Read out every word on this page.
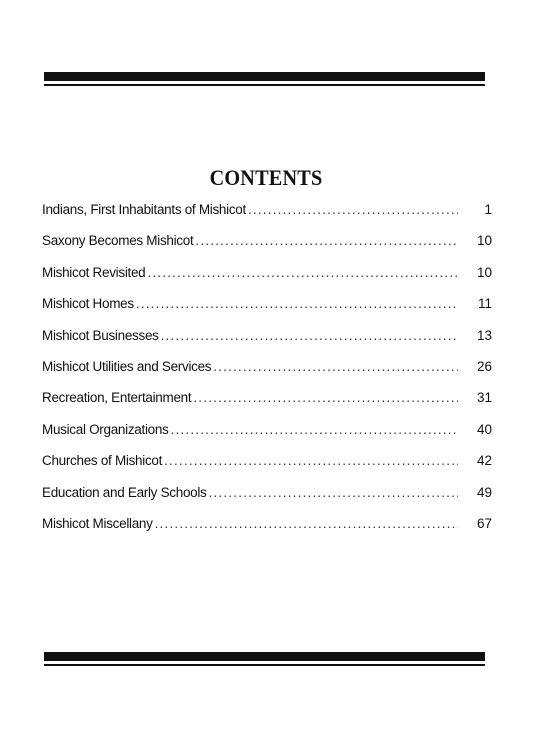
CONTENTS
Indians, First Inhabitants of Mishicot .....	1
Saxony Becomes Mishicot .....	10
Mishicot Revisited .....	10
Mishicot Homes .....	11
Mishicot Businesses .....	13
Mishicot Utilities and Services .....	26
Recreation, Entertainment .....	31
Musical Organizations .....	40
Churches of Mishicot .....	42
Education and Early Schools .....	49
Mishicot Miscellany .....	67
